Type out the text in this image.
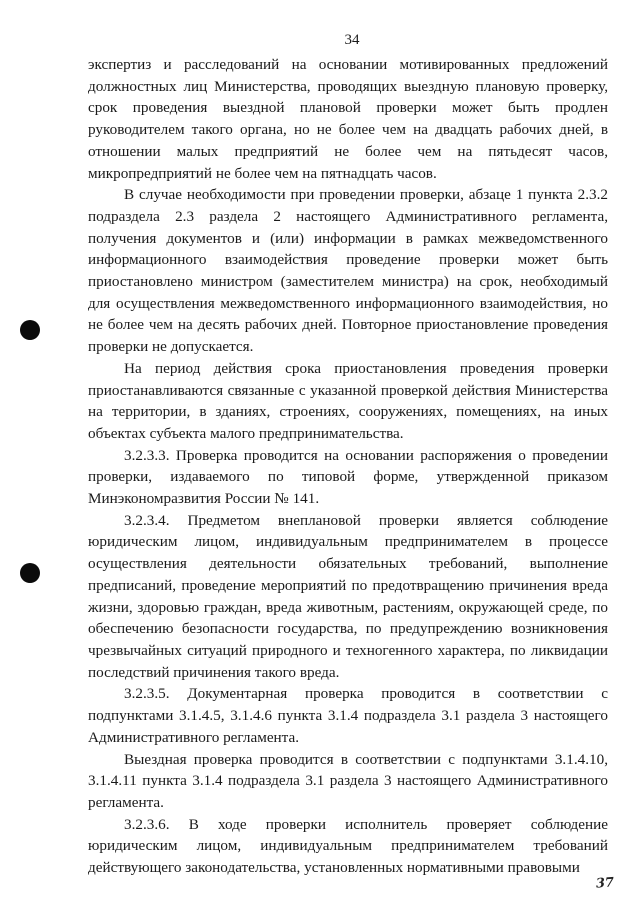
34

экспертиз и расследований на основании мотивированных предложений должностных лиц Министерства, проводящих выездную плановую проверку, срок проведения выездной плановой проверки может быть продлен руководителем такого органа, но не более чем на двадцать рабочих дней, в отношении малых предприятий не более чем на пятьдесят часов, микропредприятий не более чем на пятнадцать часов.

В случае необходимости при проведении проверки, абзаце 1 пункта 2.3.2 подраздела 2.3 раздела 2 настоящего Административного регламента, получения документов и (или) информации в рамках межведомственного информационного взаимодействия проведение проверки может быть приостановлено министром (заместителем министра) на срок, необходимый для осуществления межведомственного информационного взаимодействия, но не более чем на десять рабочих дней. Повторное приостановление проведения проверки не допускается.

На период действия срока приостановления проведения проверки приостанавливаются связанные с указанной проверкой действия Министерства на территории, в зданиях, строениях, сооружениях, помещениях, на иных объектах субъекта малого предпринимательства.

3.2.3.3. Проверка проводится на основании распоряжения о проведении проверки, издаваемого по типовой форме, утвержденной приказом Минэкономразвития России № 141.

3.2.3.4. Предметом внеплановой проверки является соблюдение юридическим лицом, индивидуальным предпринимателем в процессе осуществления деятельности обязательных требований, выполнение предписаний, проведение мероприятий по предотвращению причинения вреда жизни, здоровью граждан, вреда животным, растениям, окружающей среде, по обеспечению безопасности государства, по предупреждению возникновения чрезвычайных ситуаций природного и техногенного характера, по ликвидации последствий причинения такого вреда.

3.2.3.5. Документарная проверка проводится в соответствии с подпунктами 3.1.4.5, 3.1.4.6 пункта 3.1.4 подраздела 3.1 раздела 3 настоящего Административного регламента.

Выездная проверка проводится в соответствии с подпунктами 3.1.4.10, 3.1.4.11 пункта 3.1.4 подраздела 3.1 раздела 3 настоящего Административного регламента.

3.2.3.6. В ходе проверки исполнитель проверяет соблюдение юридическим лицом, индивидуальным предпринимателем требований действующего законодательства, установленных нормативными правовыми

37
